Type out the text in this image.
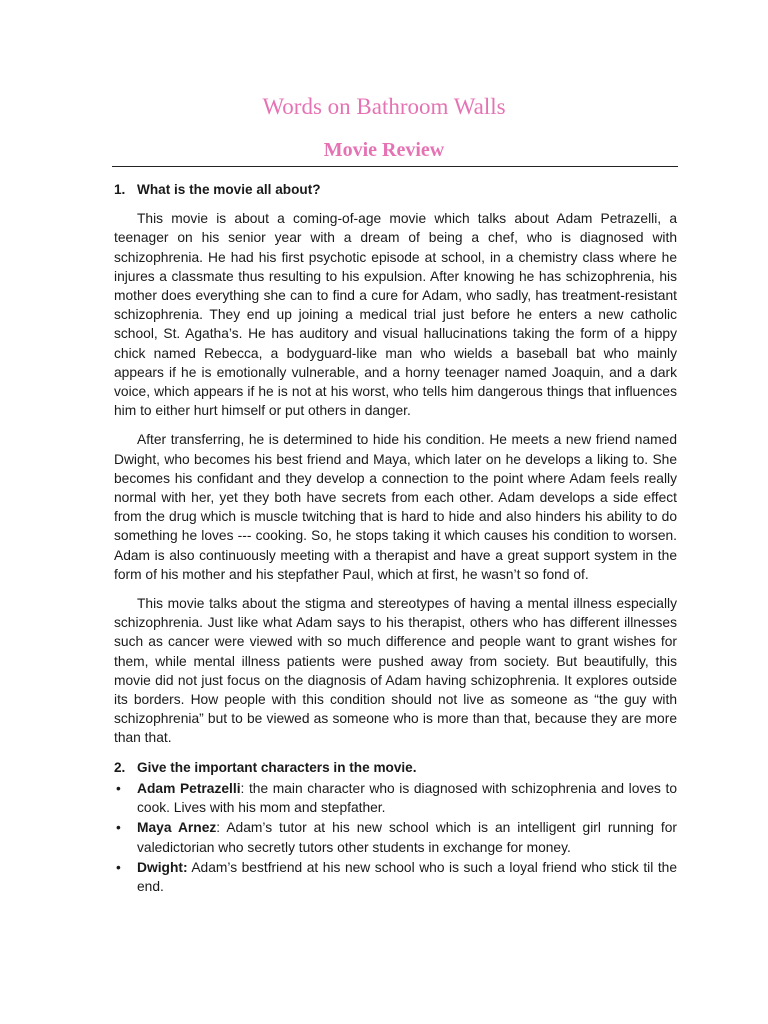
Words on Bathroom Walls
Movie Review

1. What is the movie all about?

This movie is about a coming-of-age movie which talks about Adam Petrazelli, a teenager on his senior year with a dream of being a chef, who is diagnosed with schizophrenia. He had his first psychotic episode at school, in a chemistry class where he injures a classmate thus resulting to his expulsion. After knowing he has schizophrenia, his mother does everything she can to find a cure for Adam, who sadly, has treatment-resistant schizophrenia. They end up joining a medical trial just before he enters a new catholic school, St. Agatha’s. He has auditory and visual hallucinations taking the form of a hippy chick named Rebecca, a bodyguard-like man who wields a baseball bat who mainly appears if he is emotionally vulnerable, and a horny teenager named Joaquin, and a dark voice, which appears if he is not at his worst, who tells him dangerous things that influences him to either hurt himself or put others in danger.

After transferring, he is determined to hide his condition. He meets a new friend named Dwight, who becomes his best friend and Maya, which later on he develops a liking to. She becomes his confidant and they develop a connection to the point where Adam feels really normal with her, yet they both have secrets from each other. Adam develops a side effect from the drug which is muscle twitching that is hard to hide and also hinders his ability to do something he loves --- cooking. So, he stops taking it which causes his condition to worsen. Adam is also continuously meeting with a therapist and have a great support system in the form of his mother and his stepfather Paul, which at first, he wasn’t so fond of.

This movie talks about the stigma and stereotypes of having a mental illness especially schizophrenia. Just like what Adam says to his therapist, others who has different illnesses such as cancer were viewed with so much difference and people want to grant wishes for them, while mental illness patients were pushed away from society. But beautifully, this movie did not just focus on the diagnosis of Adam having schizophrenia. It explores outside its borders. How people with this condition should not live as someone as “the guy with schizophrenia” but to be viewed as someone who is more than that, because they are more than that.

2. Give the important characters in the movie.

• Adam Petrazelli: the main character who is diagnosed with schizophrenia and loves to cook. Lives with his mom and stepfather.
• Maya Arnez: Adam’s tutor at his new school which is an intelligent girl running for valedictorian who secretly tutors other students in exchange for money.
• Dwight: Adam’s bestfriend at his new school who is such a loyal friend who stick til the end.
